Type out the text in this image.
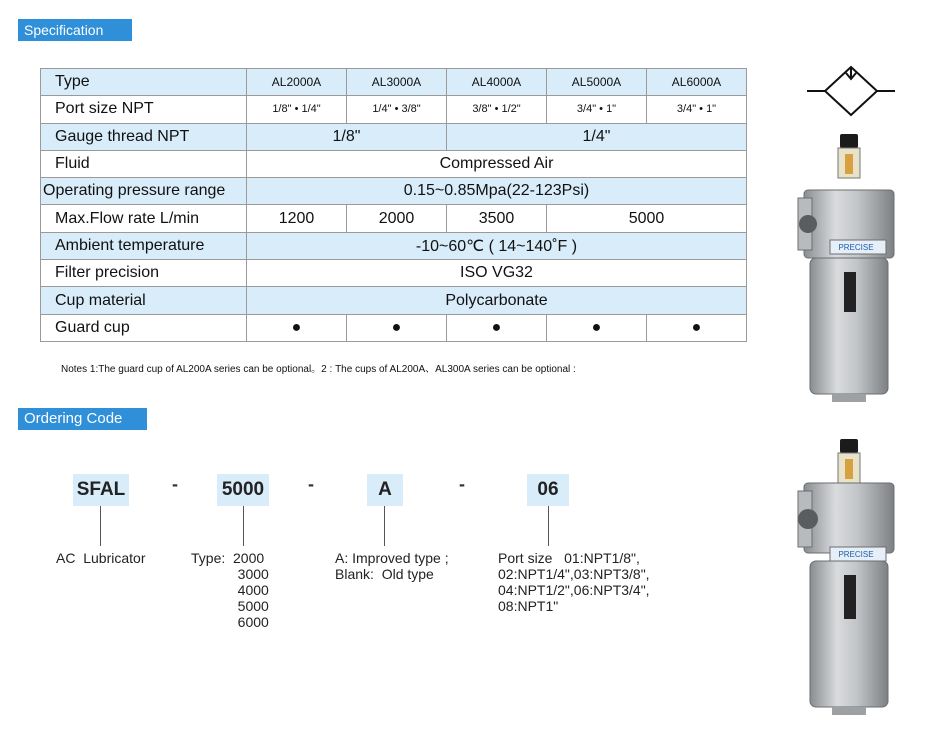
Specification
Type	AL2000A	AL3000A	AL4000A	AL5000A	AL6000A
Port size NPT	1/8" • 1/4"	1/4" • 3/8"	3/8" • 1/2"	3/4" • 1"	3/4" • 1"
Gauge thread NPT	1/8"		1/4"		
Fluid	Compressed Air				
Operating pressure range	0.15~0.85Mpa(22-123Psi)				
Max.Flow rate L/min	1200	2000	3500	5000	
Ambient temperature	-10~60℃ ( 14~140˚F )				
Filter precision	ISO VG32				
Cup material	Polycarbonate				
Guard cup	●	●	●	●	●
Notes 1:The guard cup of AL200A series can be optional。2 : The cups of AL200A、AL300A series can be optional :
Ordering Code
SFAL	- 5000 -	A	-	06
AC  Lubricator	Type:  2000
3000
4000
5000
6000
A: Improved type ;
Blank:  Old type
Port size   01:NPT1/8",
02:NPT1/4",03:NPT3/8",
04:NPT1/2",06:NPT3/4",
08:NPT1"
PRECISE
PRECISE
